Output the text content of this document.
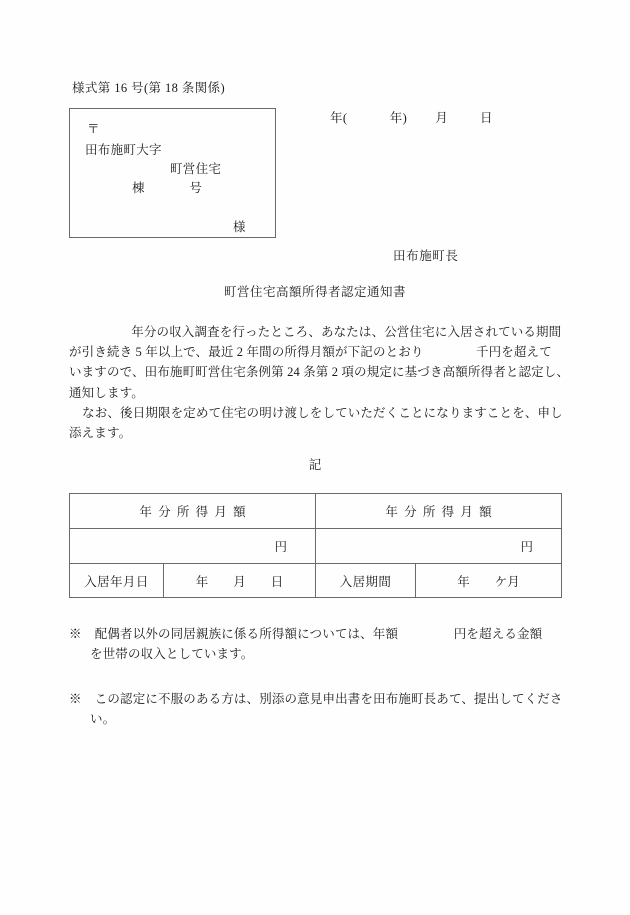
様式第 16 号(第 18 条関係)
年(            年)        月         日
〒
田布施町大字
町営住宅
棟             号
様
田布施町長
町営住宅高額所得者認定通知書
年分の収入調査を行ったところ、あなたは、公営住宅に入居されている期間
が引き続き 5 年以上で、最近 2 年間の所得月額が下記のとおり                千円を超えて
いますので、田布施町町営住宅条例第 24 条第 2 項の規定に基づき高額所得者と認定し、
通知します。
なお、後日期限を定めて住宅の明け渡しをしていただくことになりますことを、申し
添えます。
記
年  分  所  得  月  額		年  分  所  得  月  額	
円		円	
入居年月日	年        月        日	入居期間	年        ケ月
※    配偶者以外の同居親族に係る所得額については、年額                 円を超える金額
を世帯の収入としています。
※    この認定に不服のある方は、別添の意見申出書を田布施町長あて、提出してくださ
い。
